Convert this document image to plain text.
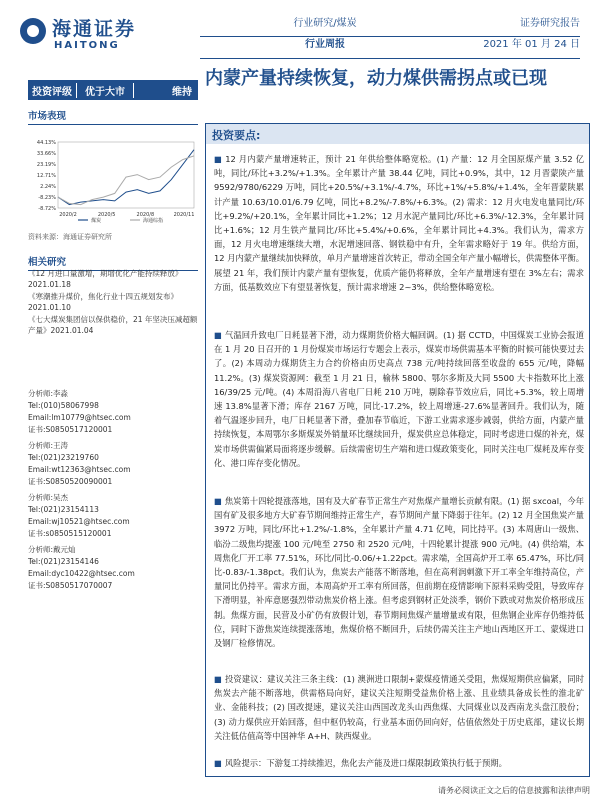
海通证券
HAITONG
行业研究/煤炭
行业周报
证券研究报告
2021 年 01 月 24 日
投资评级	优于大市	维持
内蒙产量持续恢复，动力煤供需拐点或已现
市场表现
44.13%
33.66%
23.19%
12.71%
2.24%
-8.23%
-8.72%
2020/2	2020/5	2020/8	2020/11
煤炭	海通综指
资料来源：海通证券研究所
相关研究
《12 月进口量激增，期增优化产能持续释放》2021.01.18
《寒潮推升煤价，焦化行业十四五规划发布》2021.01.10
《七大煤炭集团信以保供稳价，21 年坚决压减超额产量》2021.01.04
分析师:李淼
Tel:(010)58067998
Email:lm10779@htsec.com
证书:S0850517120001
分析师:王涛
Tel:(021)23219760
Email:wt12363@htsec.com
证书:S0850520090001
分析师:吴杰
Tel:(021)23154113
Email:wj10521@htsec.com
证书:s0850515120001
分析师:戴元灿
Tel:(021)23154146
Email:dyc10422@htsec.com
证书:S0850517070007
投资要点:
■ 12 月内蒙产量增速转正，预计 21 年供给整体略宽松。(1) 产量：12 月全国原煤产量 3.52 亿吨，同比/环比+3.2%/+1.3%。全年累计产量 38.44 亿吨，同比+0.9%，其中，12 月晋蒙陕产量 9592/9780/6229 万吨，同比+20.5%/+3.1%/-4.7%，环比+1%/+5.8%/+1.4%，全年晋蒙陕累计产量 10.63/10.01/6.79 亿吨，同比+8.2%/-7.8%/+6.3%。(2) 需求：12 月火电发电量同比/环比+9.2%/+20.1%，全年累计同比+1.2%；12 月水泥产量同比/环比+6.3%/-12.3%，全年累计同比+1.6%；12 月生铁产量同比/环比+5.4%/+0.6%，全年累计同比+4.3%。我们认为，需求方面，12 月火电增速继续大增，水泥增速回落、钢铁稳中有升，全年需求略好于 19 年。供给方面，12 月内蒙产量继续加快释放，单月产量增速首次转正，带动全国全年产量小幅增长，供需整体平衡。展望 21 年，我们预计内蒙产量有望恢复，优质产能仍将释放，全年产量增速有望在 3%左右；需求方面，低基数效应下有望显著恢复，预计需求增速 2~3%，供给整体略宽松。
■ 气温回升致电厂日耗显著下滑，动力煤期货价格大幅回调。(1) 据 CCTD，中国煤炭工业协会报道在 1 月 20 日召开的 1 月份煤炭市场运行专题会上表示，煤炭市场供需基本平衡的时候可能快要过去了。(2) 本周动力煤期货主力合约价格由历史高点 738 元/吨持续回落至收盘的 655 元/吨，降幅 11.2%。(3) 煤炭资源网：截至 1 月 21 日，榆林 5800、鄂尔多斯及大同 5500 大卡指数环比上涨 16/39/25 元/吨。(4) 本周沿海八省电厂日耗 210 万吨，剔除春节效应后，同比+5.3%，较上周增速 13.8%显著下滑；库存 2167 万吨，同比-17.2%，较上周增速-27.6%显著回升。我们认为，随着气温逐步回升，电厂日耗显著下滑，叠加春节临近，下游工业需求逐步减弱，供给方面，内蒙产量持续恢复，本周鄂尔多斯煤炭外销量环比继续回升，煤炭供应总体稳定，同时考虑进口煤的补充，煤炭市场供需偏紧局面将逐步缓解。后续需密切生产端和进口煤政策变化，同时关注电厂煤耗及库存变化、港口库存变化情况。
■ 焦炭第十四轮提涨落地，国有及大矿春节正常生产对焦煤产量增长贡献有限。(1) 据 sxcoal，今年国有矿及很多地方大矿春节期间维持正常生产，春节期间产量下降弱于往年。(2) 12 月全国焦炭产量 3972 万吨，同比/环比+1.2%/-1.8%，全年累计产量 4.71 亿吨，同比持平。(3) 本周唐山一级焦、临汾二级焦均提涨 100 元/吨至 2750 和 2520 元/吨，十四轮累计提涨 900 元/吨。(4) 供给端，本周焦化厂开工率 77.51%，环比/同比-0.06/+1.22pct。需求端，全国高炉开工率 65.47%，环比/同比-0.83/-1.38pct。我们认为，焦炭去产能落不断落地，但在高利润刺激下开工率全年维持高位，产量同比仍持平。需求方面，本周高炉开工率有所回落，但前期在疫情影响下原料采购受阻，导致库存下滑明显，补库意愿强烈带动焦炭价格上涨。但考虑到钢材正处淡季，钢价下跌或对焦炭价格形成压制。焦煤方面，民营及小矿仍有放假计划，春节期间焦煤产量增量或有限，但焦钢企业库存仍维持低位，同时下游焦炭连续提涨落地，焦煤价格不断回升，后续仍需关注主产地山西地区开工、蒙煤进口及钢厂检修情况。
■ 投资建议：建议关注三条主线：(1) 澳洲进口限制+蒙煤疫情通关受阻，焦煤短期供应偏紧，同时焦炭去产能不断落地，供需格局向好，建议关注短期受益焦价格上涨、且业绩具备成长性的淮北矿业、金能科技；(2) 国改提速，建议关注山西国改龙头山西焦煤、大同煤业以及西南龙头盘江股份；(3) 动力煤供应开始回落，但中枢仍较高，行业基本面仍回向好，估值依然处于历史底部，建议长期关注低估值高等中国神华 A+H、陕西煤业。
■ 风险提示：下游复工持续推迟，焦化去产能及进口煤限制政策执行低于预期。
请务必阅读正文之后的信息披露和法律声明
